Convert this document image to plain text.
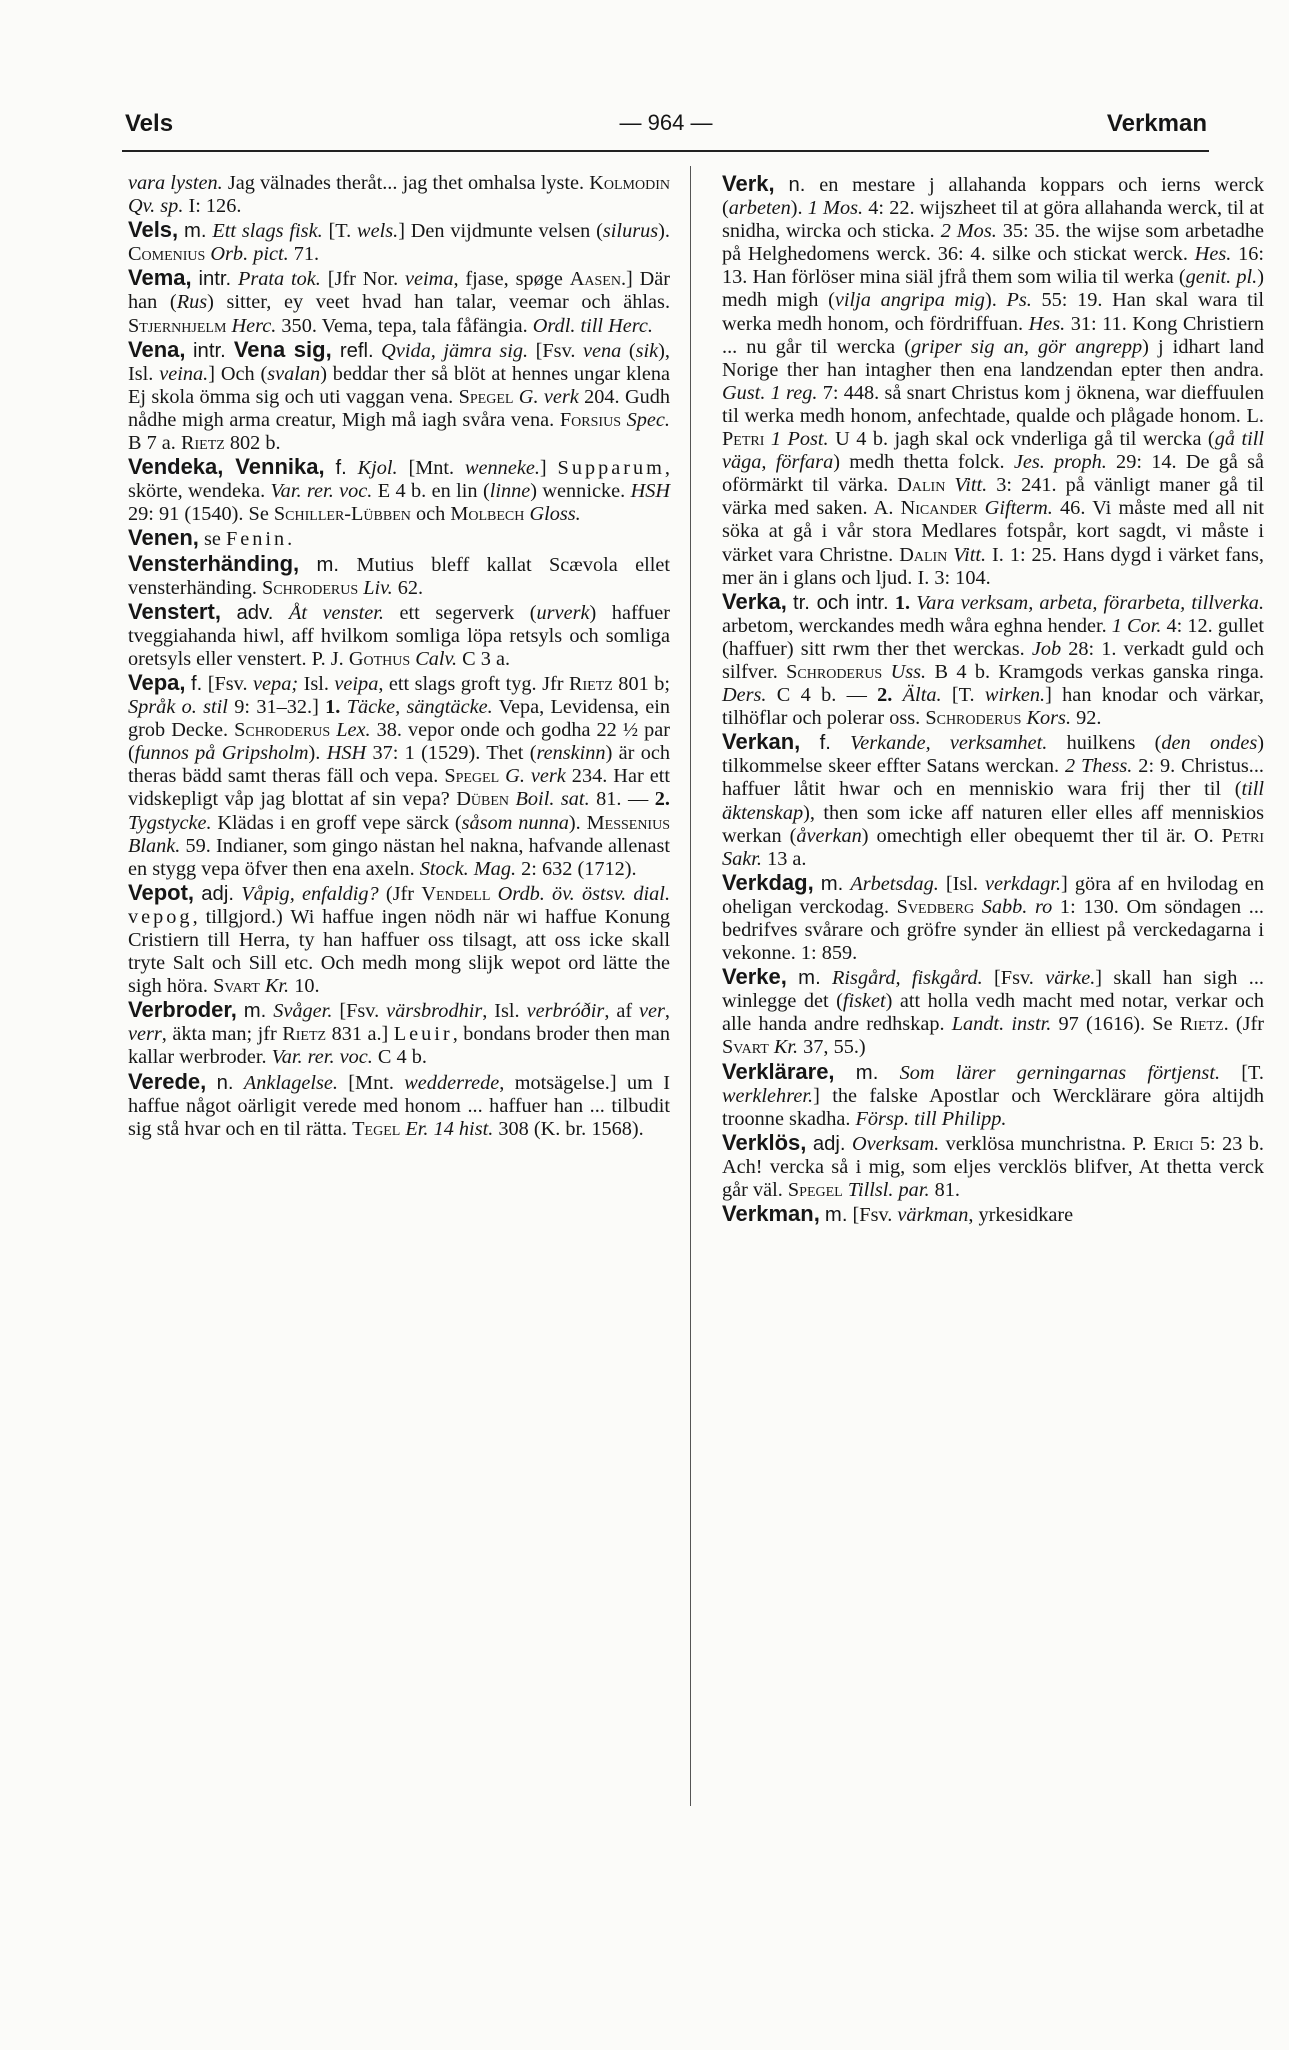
Vels	— 964 —	Verkman

vara lysten. Jag välnades theråt... jag thet omhalsa lyste. Kolmodin Qv. sp. I: 126.

Vels, m. Ett slags fisk. [T. wels.] Den vijdmunte velsen (silurus). Comenius Orb. pict. 71.

Vema, intr. Prata tok. [Jfr Nor. veima, fjase, spøge Aasen.] Där han (Rus) sitter, ey veet hvad han talar, veemar och ählas. Stjernhjelm Herc. 350. Vema, tepa, tala fåfängia. Ordl. till Herc.

Vena, intr. Vena sig, refl. Qvida, jämra sig. [Fsv. vena (sik), Isl. veina.] Och (svalan) beddar ther så blöt at hennes ungar klena Ej skola ömma sig och uti vaggan vena. Spegel G. verk 204. Gudh nådhe migh arma creatur, Migh må iagh svåra vena. Forsius Spec. B 7 a. Rietz 802 b.

Vendeka, Vennika, f. Kjol. [Mnt. wenneke.] Supparum, skörte, wendeka. Var. rer. voc. E 4 b. en lin (linne) wennicke. HSH 29: 91 (1540). Se Schiller-Lübben och Molbech Gloss.

Venen, se Fenin.

Vensterhänding, m. Mutius bleff kallat Scævola ellet vensterhänding. Schroderus Liv. 62.

Venstert, adv. Åt venster. ett segerverk (urverk) haffuer tveggiahanda hiwl, aff hvilkom somliga löpa retsyls och somliga oretsyls eller venstert. P. J. Gothus Calv. C 3 a.

Vepa, f. [Fsv. vepa; Isl. veipa, ett slags groft tyg. Jfr Rietz 801 b; Språk o. stil 9: 31–32.] 1. Täcke, sängtäcke. Vepa, Levidensa, ein grob Decke. Schroderus Lex. 38. vepor onde och godha 22 ½ par (funnos på Gripsholm). HSH 37: 1 (1529). Thet (renskinn) är och theras bädd samt theras fäll och vepa. Spegel G. verk 234. Har ett vidskepligt våp jag blottat af sin vepa? Düben Boil. sat. 81. — 2. Tygstycke. Klädas i en groff vepe särck (såsom nunna). Messenius Blank. 59. Indianer, som gingo nästan hel nakna, hafvande allenast en stygg vepa öfver then ena axeln. Stock. Mag. 2: 632 (1712).

Vepot, adj. Våpig, enfaldig? (Jfr Vendell Ordb. öv. östsv. dial. vepog, tillgjord.) Wi haffue ingen nödh när wi haffue Konung Cristiern till Herra, ty han haffuer oss tilsagt, att oss icke skall tryte Salt och Sill etc. Och medh mong slijk wepot ord lätte the sigh höra. Svart Kr. 10.

Verbroder, m. Svåger. [Fsv. värsbrodhir, Isl. verbróðir, af ver, verr, äkta man; jfr Rietz 831 a.] Leuir, bondans broder then man kallar werbroder. Var. rer. voc. C 4 b.

Verede, n. Anklagelse. [Mnt. wedderrede, motsägelse.] um I haffue något oärligit verede med honom ... haffuer han ... tilbudit sig stå hvar och en til rätta. Tegel Er. 14 hist. 308 (K. br. 1568).

Verk, n. en mestare j allahanda koppars och ierns werck (arbeten). 1 Mos. 4: 22. wijszheet til at göra allahanda werck, til at snidha, wircka och sticka. 2 Mos. 35: 35. the wijse som arbetadhe på Helghedomens werck. 36: 4. silke och stickat werck. Hes. 16: 13. Han förlöser mina siäl jfrå them som wilia til werka (genit. pl.) medh migh (vilja angripa mig). Ps. 55: 19. Han skal wara til werka medh honom, och fördriffuan. Hes. 31: 11. Kong Christiern ... nu går til wercka (griper sig an, gör angrepp) j idhart land Norige ther han intagher then ena landzendan epter then andra. Gust. 1 reg. 7: 448. så snart Christus kom j öknena, war dieffuulen til werka medh honom, anfechtade, qualde och plågade honom. L. Petri 1 Post. U 4 b. jagh skal ock vnderliga gå til wercka (gå till väga, förfara) medh thetta folck. Jes. proph. 29: 14. De gå så oförmärkt til värka. Dalin Vitt. 3: 241. på vänligt maner gå til värka med saken. A. Nicander Gifterm. 46. Vi måste med all nit söka at gå i vår stora Medlares fotspår, kort sagdt, vi måste i värket vara Christne. Dalin Vitt. I. 1: 25. Hans dygd i värket fans, mer än i glans och ljud. I. 3: 104.

Verka, tr. och intr. 1. Vara verksam, arbeta, förarbeta, tillverka. arbetom, werckandes medh wåra eghna hender. 1 Cor. 4: 12. gullet (haffuer) sitt rwm ther thet werckas. Job 28: 1. verkadt guld och silfver. Schroderus Uss. B 4 b. Kramgods verkas ganska ringa. Ders. C 4 b. — 2. Älta. [T. wirken.] han knodar och värkar, tilhöflar och polerar oss. Schroderus Kors. 92.

Verkan, f. Verkande, verksamhet. huilkens (den ondes) tilkommelse skeer effter Satans werckan. 2 Thess. 2: 9. Christus... haffuer låtit hwar och en menniskio wara frij ther til (till äktenskap), then som icke aff naturen eller elles aff menniskios werkan (åverkan) omechtigh eller obequemt ther til är. O. Petri Sakr. 13 a.

Verkdag, m. Arbetsdag. [Isl. verkdagr.] göra af en hvilodag en oheligan verckodag. Svedberg Sabb. ro 1: 130. Om söndagen ... bedrifves svårare och gröfre synder än elliest på verckedagarna i vekonne. 1: 859.

Verke, m. Risgård, fiskgård. [Fsv. värke.] skall han sigh ... winlegge det (fisket) att holla vedh macht med notar, verkar och alle handa andre redhskap. Landt. instr. 97 (1616). Se Rietz. (Jfr Svart Kr. 37, 55.)

Verklärare, m. Som lärer gerningarnas förtjenst. [T. werklehrer.] the falske Apostlar och Wercklärare göra altijdh troonne skadha. Försp. till Philipp.

Verklös, adj. Overksam. verklösa munchristna. P. Erici 5: 23 b. Ach! vercka så i mig, som eljes vercklös blifver, At thetta verck går väl. Spegel Tillsl. par. 81.

Verkman, m. [Fsv. värkman, yrkesidkare
